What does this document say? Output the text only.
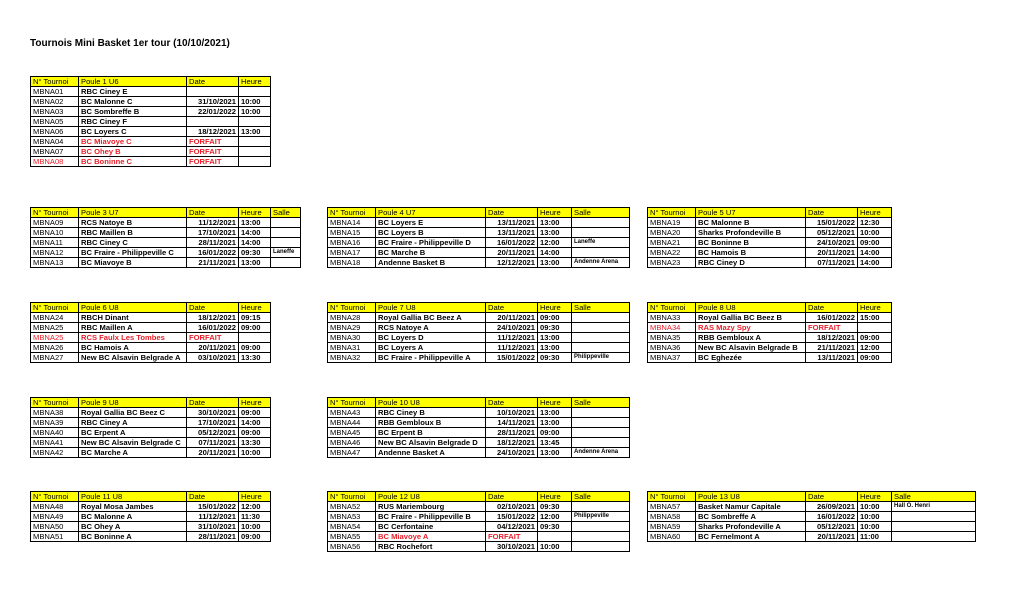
Tournois Mini Basket 1er tour (10/10/2021)
N° Tournoi	Poule 1 U6	Date	Heure
MBNA01	RBC Ciney E		
MBNA02	BC Malonne C	31/10/2021	10:00
MBNA03	BC Sombreffe B	22/01/2022	10:00
MBNA05	RBC Ciney F		
MBNA06	BC Loyers C	18/12/2021	13:00
MBNA04	BC Miavoye C	FORFAIT	
MBNA07	BC Ohey B	FORFAIT	
MBNA08	BC Boninne C	FORFAIT	
N° Tournoi	Poule 3 U7	Date	Heure	Salle
MBNA09	RCS Natoye B	11/12/2021	13:00	
MBNA10	RBC Maillen B	17/10/2021	14:00	
MBNA11	RBC Ciney C	28/11/2021	14:00	
MBNA12	BC Fraire - Philippeville C	16/01/2022	09:30	Laneffe
MBNA13	BC Miavoye B	21/11/2021	13:00	
N° Tournoi	Poule 4 U7	Date	Heure	Salle
MBNA14	BC Loyers E	13/11/2021	13:00	
MBNA15	BC Loyers B	13/11/2021	13:00	
MBNA16	BC Fraire - Philippeville D	16/01/2022	12:00	Laneffe
MBNA17	BC Marche B	20/11/2021	14:00	
MBNA18	Andenne Basket B	12/12/2021	13:00	Andenne Arena
N° Tournoi	Poule 5 U7	Date	Heure
MBNA19	BC Malonne B	15/01/2022	12:30
MBNA20	Sharks Profondeville B	05/12/2021	10:00
MBNA21	BC Boninne B	24/10/2021	09:00
MBNA22	BC Hamois B	20/11/2021	14:00
MBNA23	RBC Ciney D	07/11/2021	14:00
N° Tournoi	Poule 6 U8	Date	Heure
MBNA24	RBCH Dinant	18/12/2021	09:15
MBNA25	RBC Maillen A	16/01/2022	09:00
MBNA25	RCS Faulx Les Tombes	FORFAIT	
MBNA26	BC Hamois A	20/11/2021	09:00
MBNA27	New BC Alsavin Belgrade A	03/10/2021	13:30
N° Tournoi	Poule 7 U8	Date	Heure	Salle
MBNA28	Royal Gallia BC Beez A	20/11/2021	09:00	
MBNA29	RCS Natoye A	24/10/2021	09:30	
MBNA30	BC Loyers D	11/12/2021	13:00	
MBNA31	BC Loyers A	11/12/2021	13:00	
MBNA32	BC Fraire - Philippeville A	15/01/2022	09:30	Philippeville
N° Tournoi	Poule 8 U8	Date	Heure
MBNA33	Royal Gallia BC Beez B	16/01/2022	15:00
MBNA34	RAS Mazy Spy	FORFAIT	
MBNA35	RBB Gembloux A	18/12/2021	09:00
MBNA36	New BC Alsavin Belgrade B	21/11/2021	12:00
MBNA37	BC Eghezée	13/11/2021	09:00
N° Tournoi	Poule 9 U8	Date	Heure
MBNA38	Royal Gallia BC Beez C	30/10/2021	09:00
MBNA39	RBC Ciney A	17/10/2021	14:00
MBNA40	BC Erpent A	05/12/2021	09:00
MBNA41	New BC Alsavin Belgrade C	07/11/2021	13:30
MBNA42	BC Marche A	20/11/2021	10:00
N° Tournoi	Poule 10 U8	Date	Heure	Salle
MBNA43	RBC Ciney B	10/10/2021	13:00	
MBNA44	RBB Gembloux B	14/11/2021	13:00	
MBNA45	BC Erpent B	28/11/2021	09:00	
MBNA46	New BC Alsavin Belgrade D	18/12/2021	13:45	
MBNA47	Andenne Basket A	24/10/2021	13:00	Andenne Arena
N° Tournoi	Poule 11 U8	Date	Heure
MBNA48	Royal Mosa Jambes	15/01/2022	12:00
MBNA49	BC Malonne A	11/12/2021	11:30
MBNA50	BC Ohey A	31/10/2021	10:00
MBNA51	BC Boninne A	28/11/2021	09:00
N° Tournoi	Poule 12 U8	Date	Heure	Salle
MBNA52	RUS Mariembourg	02/10/2021	09:30	
MBNA53	BC Fraire - Philippeville B	15/01/2022	12:00	Philippeville
MBNA54	BC Cerfontaine	04/12/2021	09:30	
MBNA55	BC Miavoye A	FORFAIT		
MBNA56	RBC Rochefort	30/10/2021	10:00	
N° Tournoi	Poule 13 U8	Date	Heure	Salle
MBNA57	Basket Namur Capitale	26/09/2021	10:00	Hall O. Henri
MBNA58	BC Sombreffe A	16/01/2022	10:00	
MBNA59	Sharks Profondeville A	05/12/2021	10:00	
MBNA60	BC Fernelmont A	20/11/2021	11:00	
